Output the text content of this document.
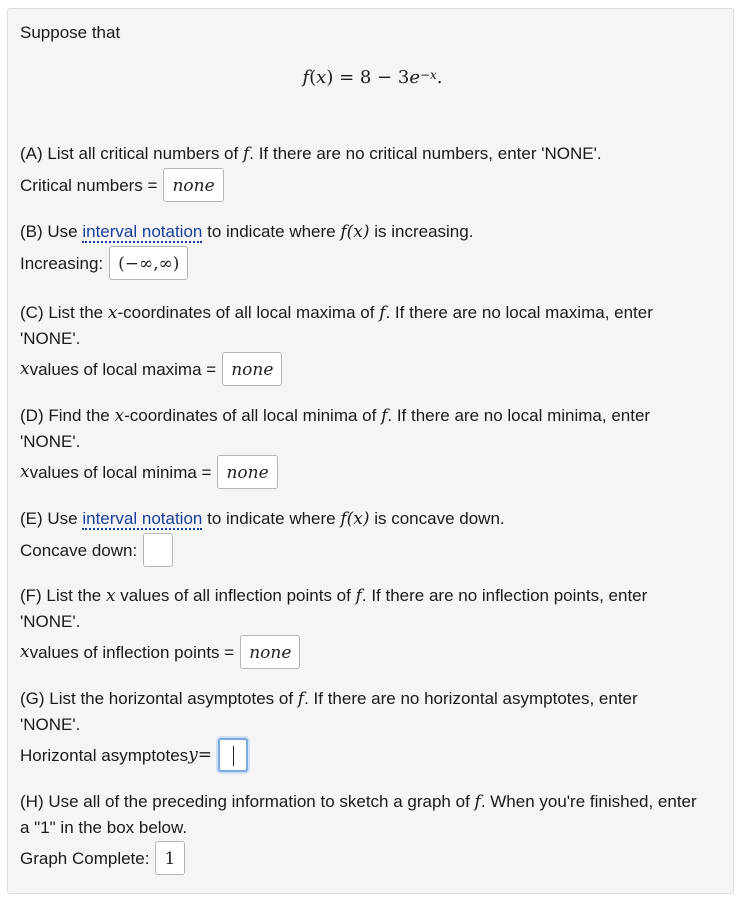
Suppose that
$f(x) = 8 - 3e^{-x}$.
(A) List all critical numbers of f. If there are no critical numbers, enter 'NONE'.
Critical numbers = none
(B) Use interval notation to indicate where f(x) is increasing.
Increasing: (−∞,∞)
(C) List the x-coordinates of all local maxima of f. If there are no local maxima, enter
'NONE'.
x values of local maxima = none
(D) Find the x-coordinates of all local minima of f. If there are no local minima, enter
'NONE'.
x values of local minima = none
(E) Use interval notation to indicate where f(x) is concave down.
Concave down:
(F) List the x values of all inflection points of f. If there are no inflection points, enter
'NONE'.
x values of inflection points = none
(G) List the horizontal asymptotes of f. If there are no horizontal asymptotes, enter
'NONE'.
Horizontal asymptotes y =
(H) Use all of the preceding information to sketch a graph of f. When you're finished, enter
a "1" in the box below.
Graph Complete: 1
